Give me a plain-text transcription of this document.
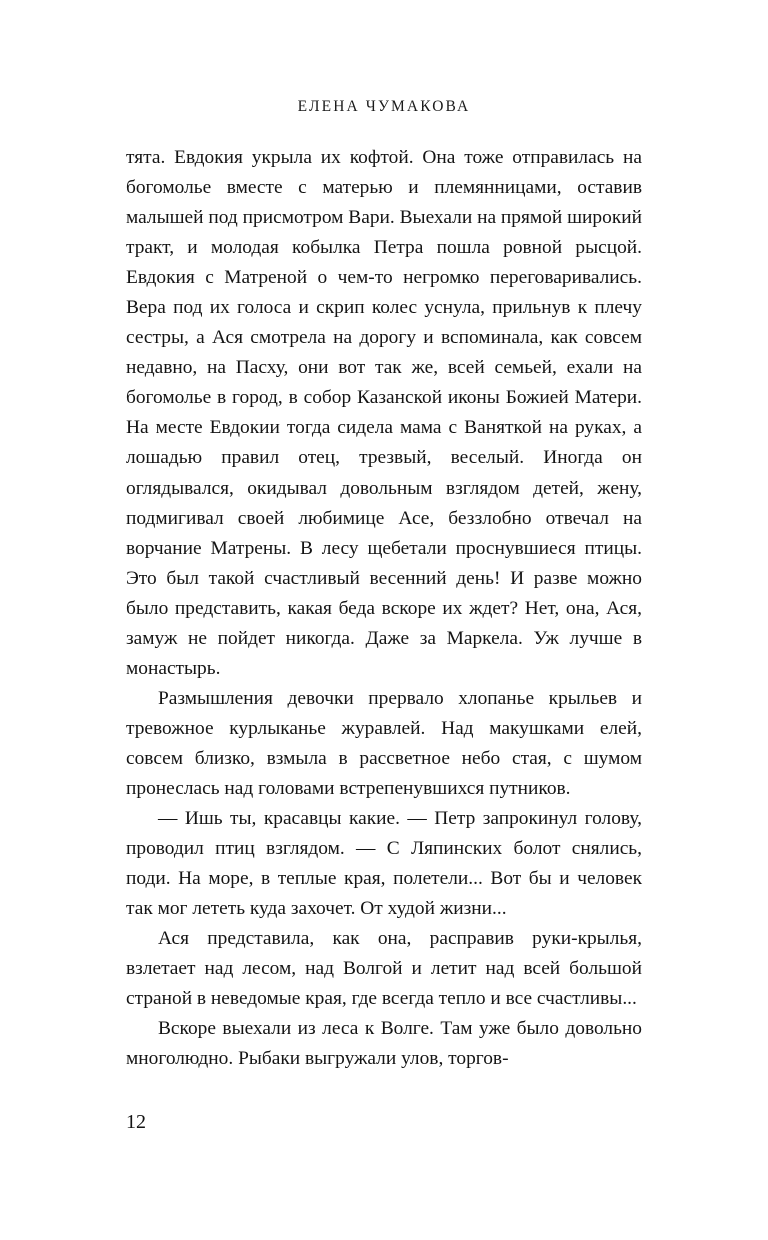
ЕЛЕНА ЧУМАКОВА

тята. Евдокия укрыла их кофтой. Она тоже отправилась на богомолье вместе с матерью и племянницами, оставив малышей под присмотром Вари. Выехали на прямой широкий тракт, и молодая кобылка Петра пошла ровной рысцой. Евдокия с Матреной о чем-то негромко переговаривались. Вера под их голоса и скрип колес уснула, прильнув к плечу сестры, а Ася смотрела на дорогу и вспоминала, как совсем недавно, на Пасху, они вот так же, всей семьей, ехали на богомолье в город, в собор Казанской иконы Божией Матери. На месте Евдокии тогда сидела мама с Ваняткой на руках, а лошадью правил отец, трезвый, веселый. Иногда он оглядывался, окидывал довольным взглядом детей, жену, подмигивал своей любимице Асе, беззлобно отвечал на ворчание Матрены. В лесу щебетали проснувшиеся птицы. Это был такой счастливый весенний день! И разве можно было представить, какая беда вскоре их ждет? Нет, она, Ася, замуж не пойдет никогда. Даже за Маркела. Уж лучше в монастырь.

Размышления девочки прервало хлопанье крыльев и тревожное курлыканье журавлей. Над макушками елей, совсем близко, взмыла в рассветное небо стая, с шумом пронеслась над головами встрепенувшихся путников.

— Ишь ты, красавцы какие. — Петр запрокинул голову, проводил птиц взглядом. — С Ляпинских болот снялись, поди. На море, в теплые края, полетели... Вот бы и человек так мог лететь куда захочет. От худой жизни...

Ася представила, как она, расправив руки-крылья, взлетает над лесом, над Волгой и летит над всей большой страной в неведомые края, где всегда тепло и все счастливы...

Вскоре выехали из леса к Волге. Там уже было довольно многолюдно. Рыбаки выгружали улов, торгов-

12
